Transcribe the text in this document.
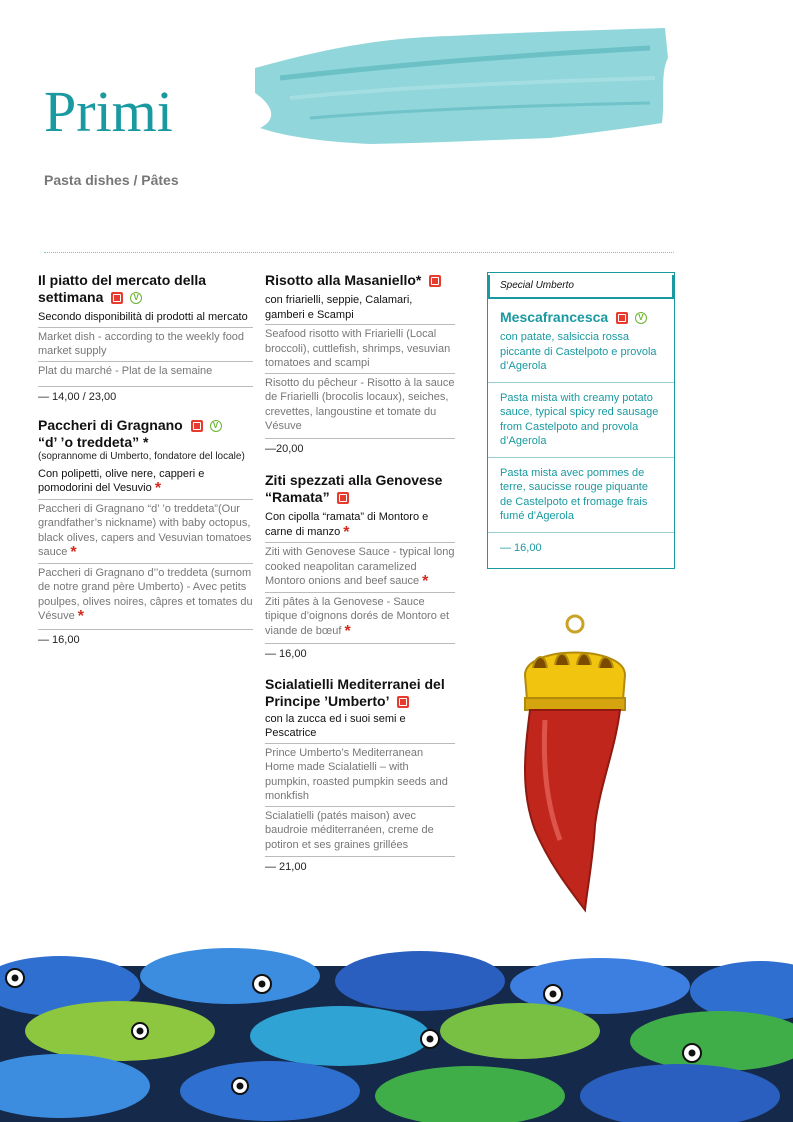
Primi
Pasta dishes / Pâtes
Il piatto del mercato della settimana	V
Secondo disponibilità di prodotti al mercato
Market dish - according to the weekly food market supply
Plat du marché - Plat de la semaine
— 14,00 / 23,00
Paccheri di Gragnano	V
“d’ ’o treddeta” *
(soprannome di Umberto, fondatore del locale)
Con polipetti, olive nere, capperi e pomodorini del Vesuvio *
Paccheri di Gragnano “d’ ’o treddeta”(Our grandfather’s nickname) with baby octopus, black olives, capers and Vesuvian tomatoes sauce *
Paccheri di Gragnano d’’o treddeta (surnom de notre grand père Umberto) - Avec petits poulpes, olives noires, câpres et tomates du Vésuve *
— 16,00
Risotto alla Masaniello*
con friarielli, seppie, Calamari, gamberi e Scampi
Seafood risotto with Friarielli (Local broccoli), cuttlefish, shrimps, vesuvian tomatoes and scampi
Risotto du pêcheur - Risotto à la sauce de Friarielli (brocolis locaux), seiches, crevettes, langoustine et tomate du Vésuve
—20,00
Ziti spezzati alla Genovese “Ramata”
Con cipolla “ramata” di Montoro e carne di manzo *
Ziti with Genovese Sauce - typical long cooked neapolitan caramelized Montoro onions and beef sauce *
Ziti pâtes à la Genovese - Sauce tipique d’oignons dorés de Montoro et viande de bœuf *
— 16,00
Scialatielli Mediterranei del Principe ’Umberto’
con la zucca ed i suoi semi e Pescatrice
Prince Umberto’s Mediterranean Home made Scialatielli – with pumpkin, roasted pumpkin seeds and monkfish
Scialatielli (patés maison) avec baudroie méditerranéen, creme de potiron et ses graines grillées
— 21,00
Special Umberto
Mescafrancesca	V
con patate, salsiccia rossa piccante di Castelpoto e provola d’Agerola
Pasta mista with creamy potato sauce, typical spicy red sausage from Castelpoto and provola d’Agerola
Pasta mista avec pommes de terre, saucisse rouge piquante de Castelpoto et fromage frais fumé d’Agerola
— 16,00
